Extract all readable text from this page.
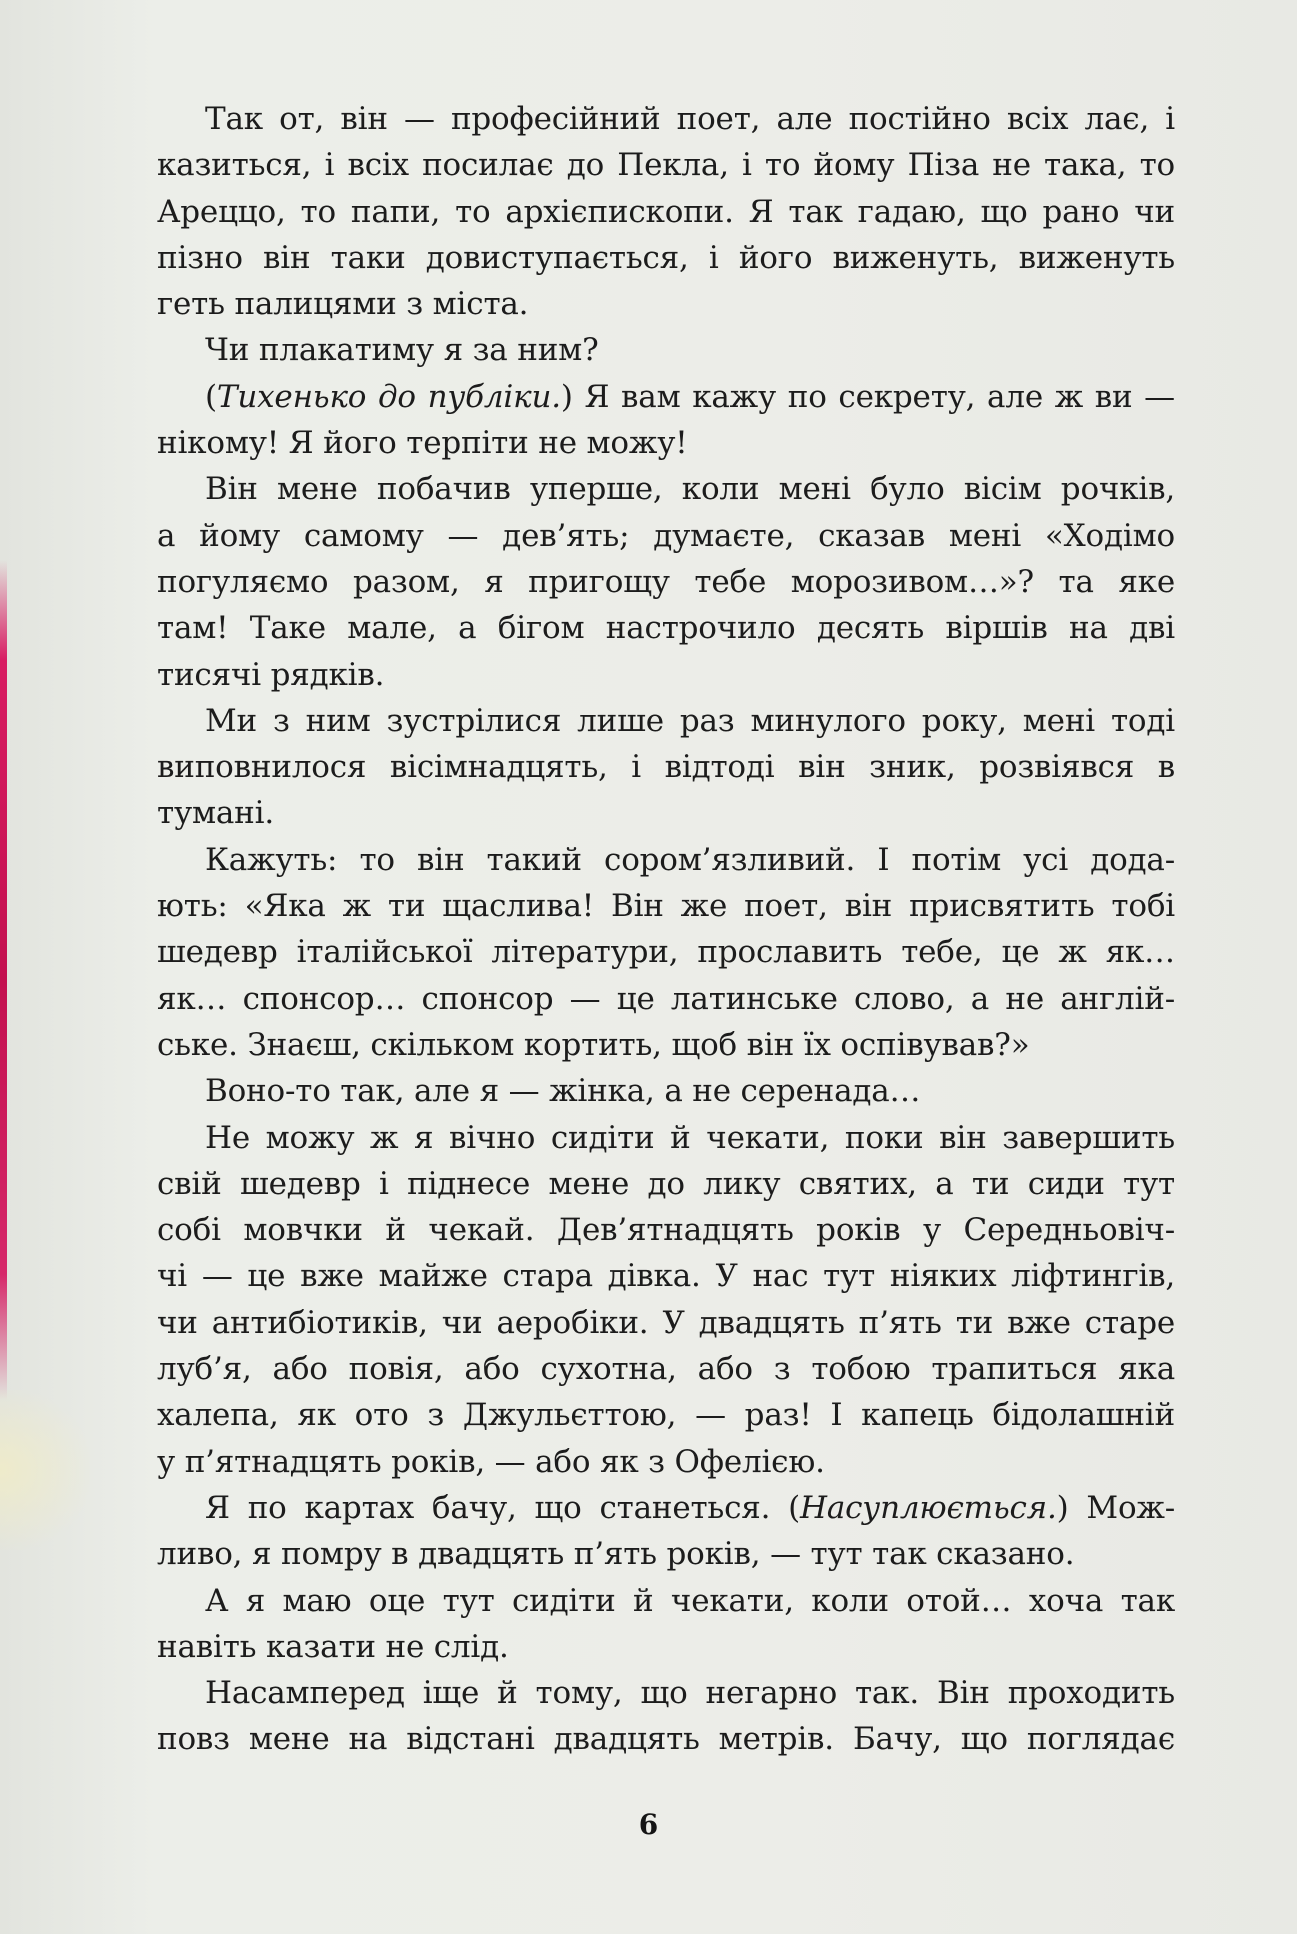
Так от, він — професійний поет, але постійно всіх лає, і
казиться, і всіх посилає до Пекла, і то йому Піза не така, то
Ареццо, то папи, то архієпископи. Я так гадаю, що рано чи
пізно він таки довиступається, і його виженуть, виженуть
геть палицями з міста.
Чи плакатиму я за ним?
(Тихенько до публіки.) Я вам кажу по секрету, але ж ви —
нікому! Я його терпіти не можу!
Він мене побачив уперше, коли мені було вісім рочків,
а йому самому — дев’ять; думаєте, сказав мені «Ходімо
погуляємо разом, я пригощу тебе морозивом…»? та яке
там! Таке мале, а бігом настрочило десять віршів на дві
тисячі рядків.
Ми з ним зустрілися лише раз минулого року, мені тоді
виповнилося вісімнадцять, і відтоді він зник, розвіявся в
тумані.
Кажуть: то він такий сором’язливий. І потім усі дода-
ють: «Яка ж ти щаслива! Він же поет, він присвятить тобі
шедевр італійської літератури, прославить тебе, це ж як…
як… спонсор… спонсор — це латинське слово, а не англій-
ське. Знаєш, скільком кортить, щоб він їх оспівував?»
Воно-то так, але я — жінка, а не серенада…
Не можу ж я вічно сидіти й чекати, поки він завершить
свій шедевр і піднесе мене до лику святих, а ти сиди тут
собі мовчки й чекай. Дев’ятнадцять років у Середньовіч-
чі — це вже майже стара дівка. У нас тут ніяких ліфтингів,
чи антибіотиків, чи аеробіки. У двадцять п’ять ти вже старе
луб’я, або повія, або сухотна, або з тобою трапиться яка
халепа, як ото з Джульєттою, — раз! І капець бідолашній
у п’ятнадцять років, — або як з Офелією.
Я по картах бачу, що станеться. (Насуплюється.) Мож-
ливо, я помру в двадцять п’ять років, — тут так сказано.
А я маю оце тут сидіти й чекати, коли отой… хоча так
навіть казати не слід.
Насамперед іще й тому, що негарно так. Він проходить
повз мене на відстані двадцять метрів. Бачу, що поглядає
6
